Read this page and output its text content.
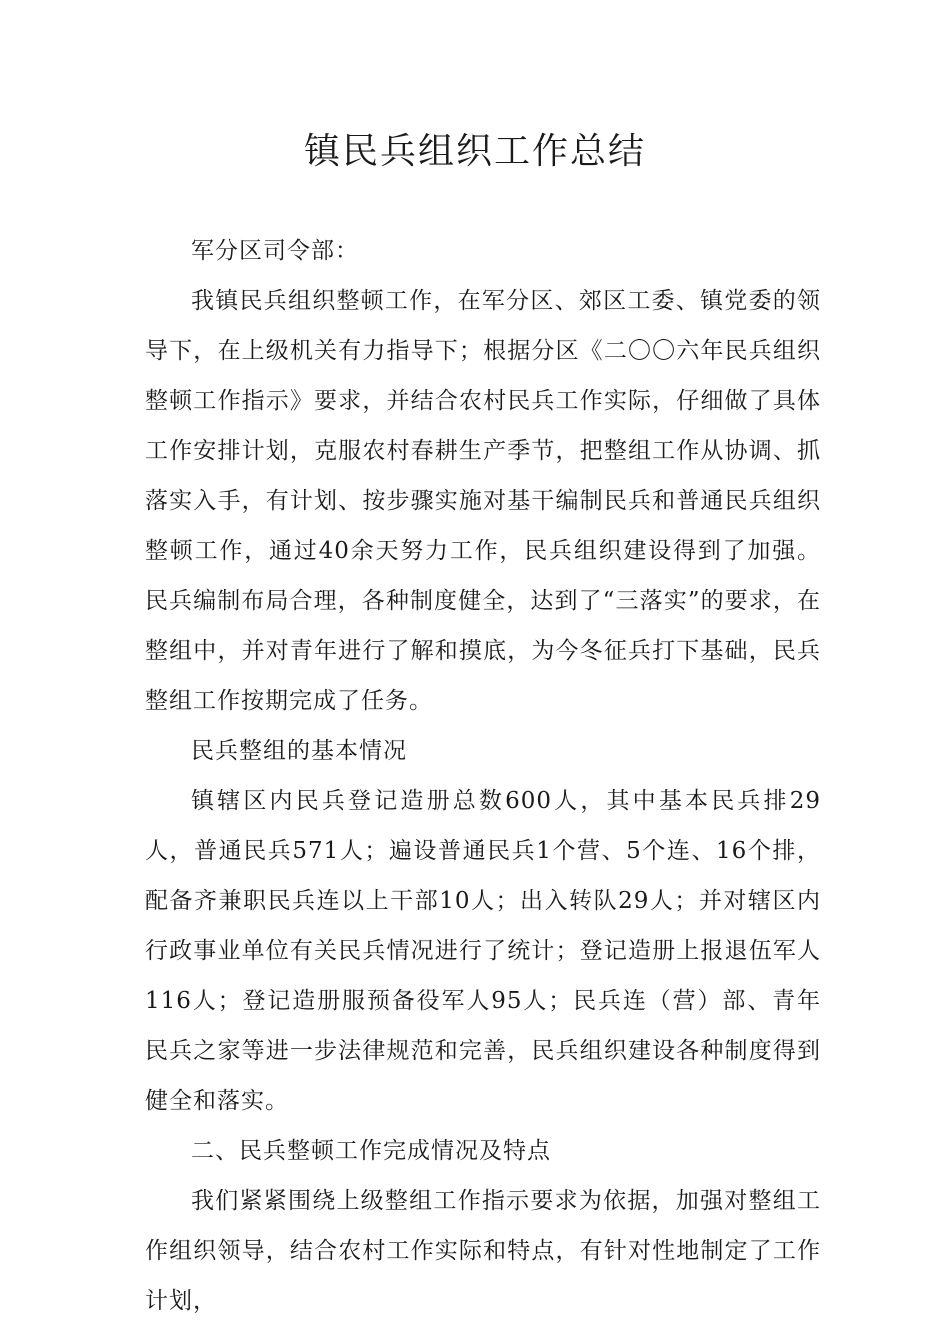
镇民兵组织工作总结

军分区司令部：

我镇民兵组织整顿工作，在军分区、郊区工委、镇党委的领导下，在上级机关有力指导下；根据分区《二〇〇六年民兵组织整顿工作指示》要求，并结合农村民兵工作实际，仔细做了具体工作安排计划，克服农村春耕生产季节，把整组工作从协调、抓落实入手，有计划、按步骤实施对基干编制民兵和普通民兵组织整顿工作，通过40余天努力工作，民兵组织建设得到了加强。民兵编制布局合理，各种制度健全，达到了“三落实”的要求，在整组中，并对青年进行了解和摸底，为今冬征兵打下基础，民兵整组工作按期完成了任务。

民兵整组的基本情况

镇辖区内民兵登记造册总数600人，其中基本民兵排29人，普通民兵571人；遍设普通民兵1个营、5个连、16个排，配备齐兼职民兵连以上干部10人；出入转队29人；并对辖区内行政事业单位有关民兵情况进行了统计；登记造册上报退伍军人116人；登记造册服预备役军人95人；民兵连（营）部、青年民兵之家等进一步法律规范和完善，民兵组织建设各种制度得到健全和落实。

二、民兵整顿工作完成情况及特点

我们紧紧围绕上级整组工作指示要求为依据，加强对整组工作组织领导，结合农村工作实际和特点，有针对性地制定了工作计划，
